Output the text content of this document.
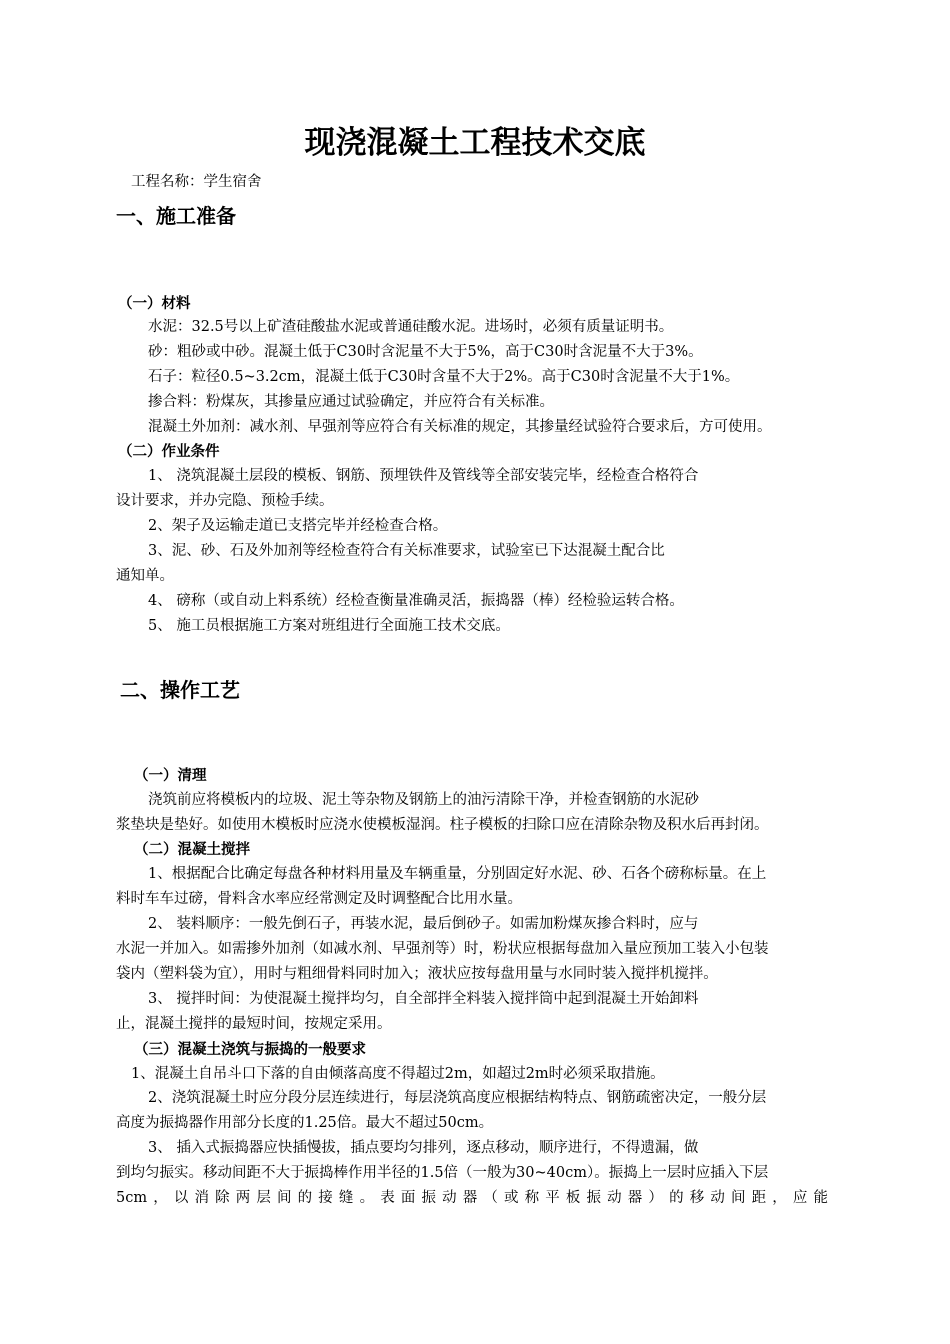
现浇混凝土工程技术交底
工程名称：学生宿舍
一、施工准备
（一）材料
水泥：32.5号以上矿渣硅酸盐水泥或普通硅酸水泥。进场时，必须有质量证明书。
砂：粗砂或中砂。混凝土低于C30时含泥量不大于5%，高于C30时含泥量不大于3%。
石子：粒径0.5~3.2cm，混凝土低于C30时含量不大于2%。高于C30时含泥量不大于1%。
掺合料：粉煤灰，其掺量应通过试验确定，并应符合有关标准。
混凝土外加剂：减水剂、早强剂等应符合有关标准的规定，其掺量经试验符合要求后，方可使用。
（二）作业条件
1、 浇筑混凝土层段的模板、钢筋、预埋铁件及管线等全部安装完毕，经检查合格符合
设计要求，并办完隐、预检手续。
2、架子及运输走道已支搭完毕并经检查合格。
3、泥、砂、石及外加剂等经检查符合有关标准要求，试验室已下达混凝土配合比
通知单。
4、 磅称（或自动上料系统）经检查衡量准确灵活，振捣器（棒）经检验运转合格。
5、 施工员根据施工方案对班组进行全面施工技术交底。
二、操作工艺
（一）清理
浇筑前应将模板内的垃圾、泥土等杂物及钢筋上的油污清除干净，并检查钢筋的水泥砂
浆垫块是垫好。如使用木模板时应浇水使模板湿润。柱子模板的扫除口应在清除杂物及积水后再封闭。
（二）混凝土搅拌
1、根据配合比确定每盘各种材料用量及车辆重量，分别固定好水泥、砂、石各个磅称标量。在上
料时车车过磅，骨料含水率应经常测定及时调整配合比用水量。
2、 装料顺序：一般先倒石子，再装水泥，最后倒砂子。如需加粉煤灰掺合料时，应与
水泥一并加入。如需掺外加剂（如减水剂、早强剂等）时，粉状应根据每盘加入量应预加工装入小包装
袋内（塑料袋为宜），用时与粗细骨料同时加入；液状应按每盘用量与水同时装入搅拌机搅拌。
3、 搅拌时间：为使混凝土搅拌均匀，自全部拌全料装入搅拌筒中起到混凝土开始卸料
止，混凝土搅拌的最短时间，按规定采用。
（三）混凝土浇筑与振捣的一般要求
1、混凝土自吊斗口下落的自由倾落高度不得超过2m，如超过2m时必须采取措施。
2、浇筑混凝土时应分段分层连续进行，每层浇筑高度应根据结构特点、钢筋疏密决定，一般分层
高度为振捣器作用部分长度的1.25倍。最大不超过50cm。
3、 插入式振捣器应快插慢拔，插点要均匀排列，逐点移动，顺序进行，不得遗漏，做
到均匀振实。移动间距不大于振捣棒作用半径的1.5倍（一般为30~40cm）。振捣上一层时应插入下层
5cm，以消除两层间的接缝。表面振动器（或称平板振动器）的移动间距，应能
